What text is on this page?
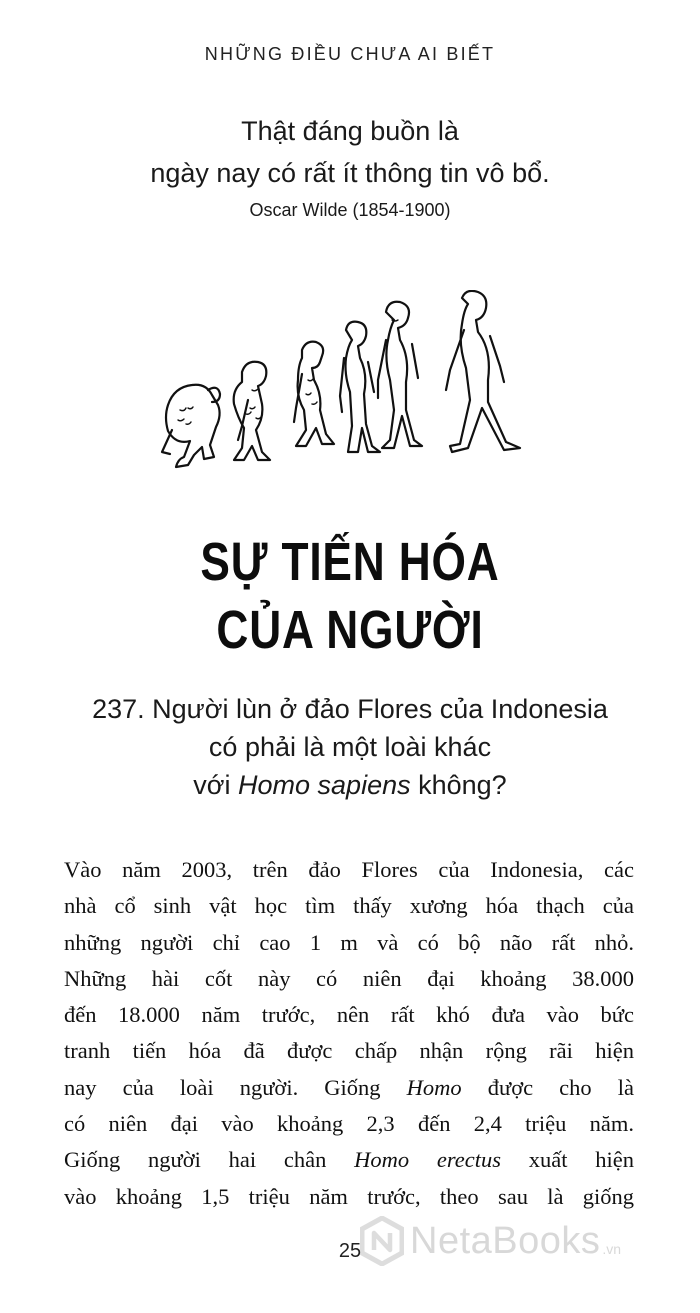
NHỮNG ĐIỀU CHƯA AI BIẾT
Thật đáng buồn là
ngày nay có rất ít thông tin vô bổ.
Oscar Wilde (1854-1900)
SỰ TIẾN HÓA
CỦA NGƯỜI
237. Người lùn ở đảo Flores của Indonesia
có phải là một loài khác
với Homo sapiens không?
Vào năm 2003, trên đảo Flores của Indonesia, các
nhà cổ sinh vật học tìm thấy xương hóa thạch của
những người chỉ cao 1 m và có bộ não rất nhỏ.
Những hài cốt này có niên đại khoảng 38.000
đến 18.000 năm trước, nên rất khó đưa vào bức
tranh tiến hóa đã được chấp nhận rộng rãi hiện
nay của loài người. Giống Homo được cho là
có niên đại vào khoảng 2,3 đến 2,4 triệu năm.
Giống người hai chân Homo erectus xuất hiện
vào khoảng 1,5 triệu năm trước, theo sau là giống
25	NetaBooks .vn
